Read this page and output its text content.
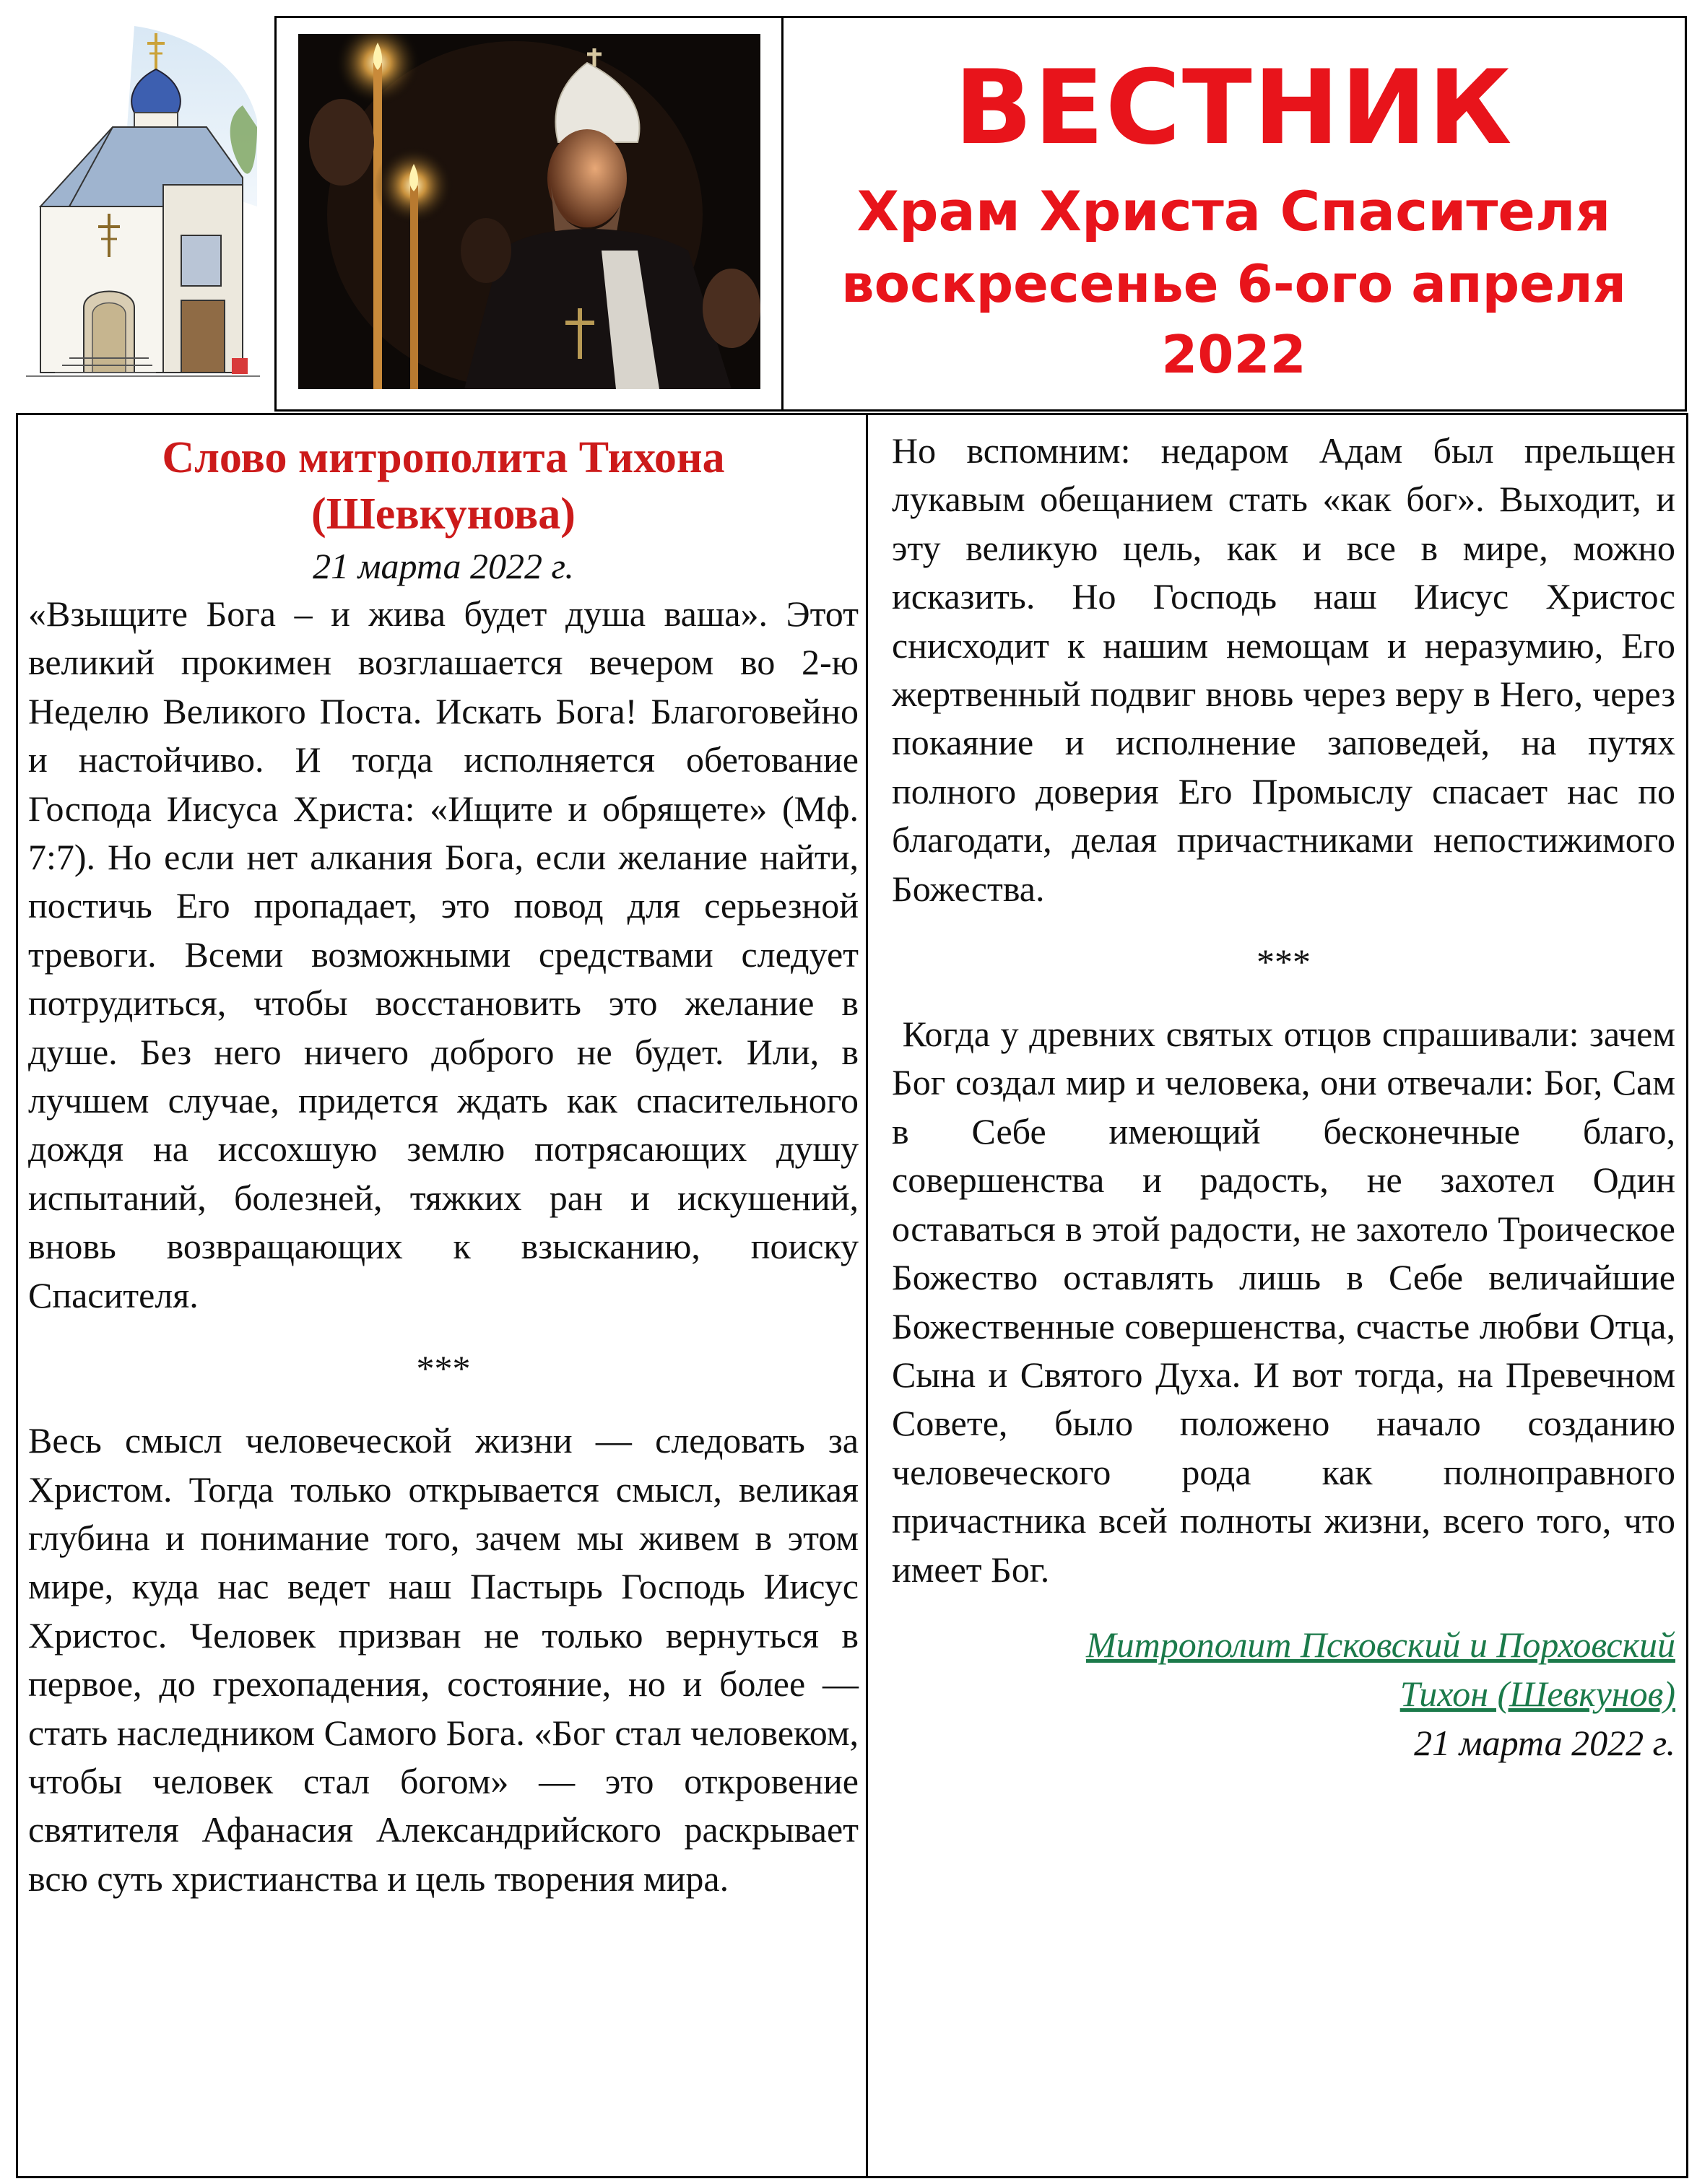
ВЕСТНИК
Храм Христа Спасителя
воскресенье 6-ого апреля
2022

Слово митрополита Тихона
(Шевкунова)

21 марта 2022 г.

«Взыщите Бога – и жива будет душа ваша». Этот великий прокимен возглашается вечером во 2-ю Неделю Великого Поста. Искать Бога! Благоговейно и настойчиво. И тогда исполняется обетование Господа Иисуса Христа: «Ищите и обрящете» (Мф. 7:7). Но если нет алкания Бога, если желание найти, постичь Его пропадает, это повод для серьезной тревоги. Всеми возможными средствами следует потрудиться, чтобы восстановить это желание в душе. Без него ничего доброго не будет. Или, в лучшем случае, придется ждать как спасительного дождя на иссохшую землю потрясающих душу испытаний, болезней, тяжких ран и искушений, вновь возвращающих к взысканию, поиску Спасителя.

***

Весь смысл человеческой жизни — следовать за Христом. Тогда только открывается смысл, великая глубина и понимание того, зачем мы живем в этом мире, куда нас ведет наш Пастырь Господь Иисус Христос. Человек призван не только вернуться в первое, до грехопадения, состояние, но и более — стать наследником Самого Бога. «Бог стал человеком, чтобы человек стал богом» — это откровение святителя Афанасия Александрийского раскрывает всю суть христианства и цель творения мира.

Но вспомним: недаром Адам был прельщен лукавым обещанием стать «как бог». Выходит, и эту великую цель, как и все в мире, можно исказить. Но Господь наш Иисус Христос снисходит к нашим немощам и неразумию, Его жертвенный подвиг вновь через веру в Него, через покаяние и исполнение заповедей, на путях полного доверия Его Промыслу спасает нас по благодати, делая причастниками непостижимого Божества.

***

Когда у древних святых отцов спрашивали: зачем Бог создал мир и человека, они отвечали: Бог, Сам в Себе имеющий бесконечные благо, совершенства и радость, не захотел Один оставаться в этой радости, не захотело Троическое Божество оставлять лишь в Себе величайшие Божественные совершенства, счастье любви Отца, Сына и Святого Духа. И вот тогда, на Превечном Совете, было положено начало созданию человеческого рода как полноправного причастника всей полноты жизни, всего того, что имеет Бог.

Митрополит Псковский и Порховский
Тихон (Шевкунов)
21 марта 2022 г.
